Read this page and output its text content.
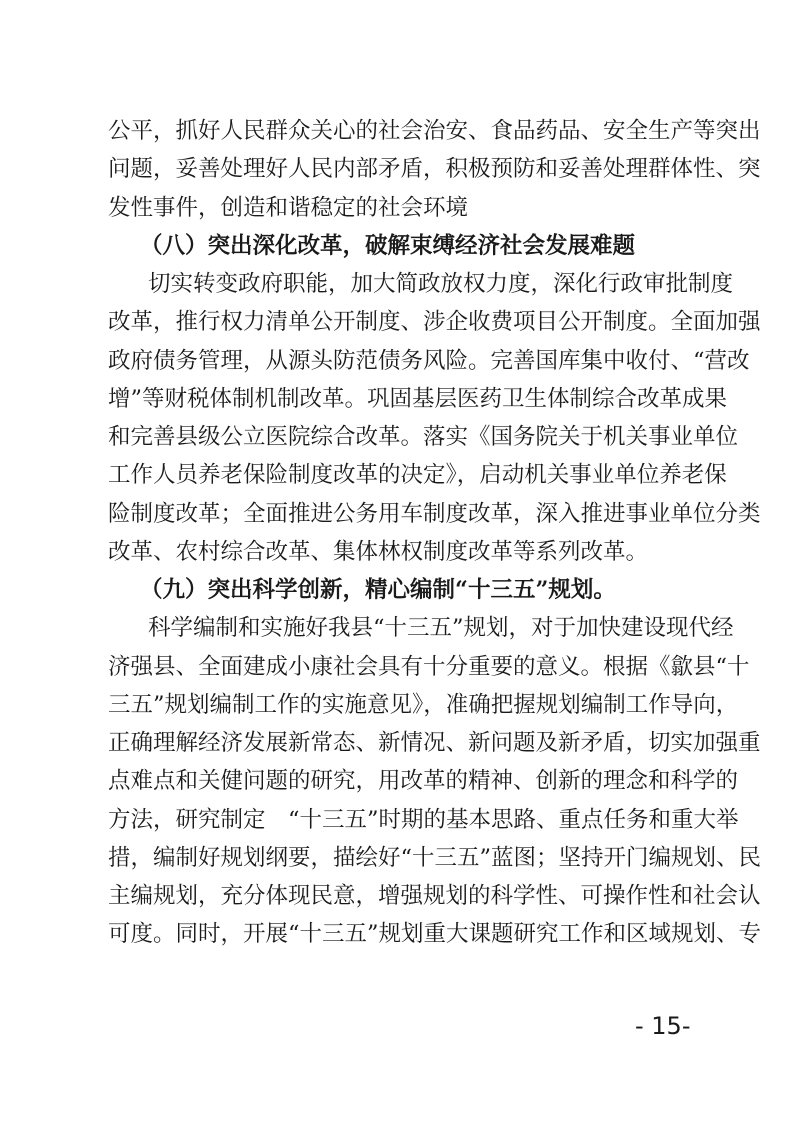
公平，抓好人民群众关心的社会治安、食品药品、安全生产等突出
问题，妥善处理好人民内部矛盾，积极预防和妥善处理群体性、突
发性事件，创造和谐稳定的社会环境
（八）突出深化改革，破解束缚经济社会发展难题
切实转变政府职能，加大简政放权力度，深化行政审批制度
改革，推行权力清单公开制度、涉企收费项目公开制度。全面加强
政府债务管理，从源头防范债务风险。完善国库集中收付、“营改
增”等财税体制机制改革。巩固基层医药卫生体制综合改革成果
和完善县级公立医院综合改革。落实《国务院关于机关事业单位
工作人员养老保险制度改革的决定》，启动机关事业单位养老保
险制度改革；全面推进公务用车制度改革，深入推进事业单位分类
改革、农村综合改革、集体林权制度改革等系列改革。
（九）突出科学创新，精心编制“十三五”规划。
科学编制和实施好我县“十三五”规划，对于加快建设现代经
济强县、全面建成小康社会具有十分重要的意义。根据《歙县“十
三五”规划编制工作的实施意见》，准确把握规划编制工作导向，
正确理解经济发展新常态、新情况、新问题及新矛盾，切实加强重
点难点和关健问题的研究，用改革的精神、创新的理念和科学的
方法，研究制定　“十三五”时期的基本思路、重点任务和重大举
措，编制好规划纲要，描绘好“十三五”蓝图；坚持开门编规划、民
主编规划，充分体现民意，增强规划的科学性、可操作性和社会认
可度。同时，开展“十三五”规划重大课题研究工作和区域规划、专
- 15-
